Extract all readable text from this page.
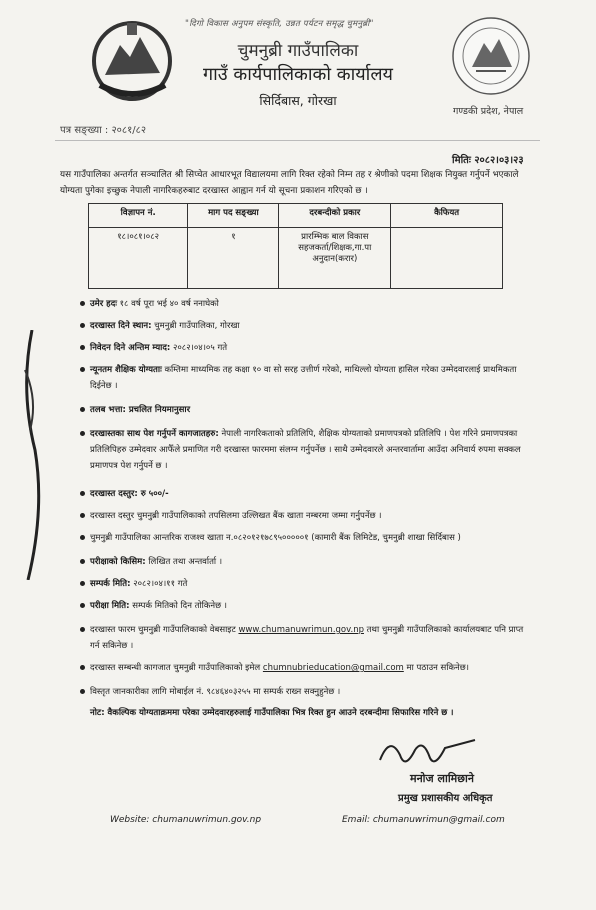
"दिगो विकास अनुपम संस्कृति, उन्नत पर्यटन समृद्ध चुमनुब्री"
चुमनुब्री गाउँपालिका
गाउँ कार्यपालिकाको कार्यालय
सिर्दिबास, गोरखा
गण्डकी प्रदेश, नेपाल
पत्र सङ्ख्या : २०८१/८२
मितिः २०८२।०३।२३
यस गाउँपालिका अन्तर्गत सञ्चालित श्री सिप्चेत आधारभूत विद्यालयमा लागि रिक्त रहेको निम्न तह र श्रेणीको पदमा शिक्षक नियुक्त गर्नुपर्ने भएकाले योग्यता पुगेका इच्छुक नेपाली नागरिकहरुबाट दरखास्त आह्वान गर्न यो सूचना प्रकाशन गरिएको छ ।
विज्ञापन नं.	माग पद सङ्ख्या	दरबन्दीको प्रकार	कैफियत
१८।०८१।०८२	१	प्रारम्भिक बाल विकास सहजकर्ता/शिक्षक,गा.पा अनुदान(करार)	
उमेर हदः १८ वर्ष पूरा भई ४० वर्ष ननाघेको
दरखास्त दिने स्थान: चुमनुब्री गाउँपालिका, गोरखा
निवेदन दिने अन्तिम म्याद: २०८२।०४।०५ गते
न्यूनतम शैक्षिक योग्यताः कम्तिमा माध्यमिक तह कक्षा १० वा सो सरह उत्तीर्ण गरेको, माथिल्लो योग्यता हासिल गरेका उम्मेदवारलाई प्राथमिकता दिईनेछ ।
तलब भत्ता: प्रचलित नियमानुसार
दरखास्तका साथ पेश गर्नुपर्ने कागजातहरु: नेपाली नागरिकताको प्रतिलिपि, शैक्षिक योग्यताको प्रमाणपत्रको प्रतिलिपि । पेश गरिने प्रमाणपत्रका प्रतिलिपिहरु उम्मेदवार आफैँले प्रमाणित गरी दरखास्त फारममा संलग्न गर्नुपर्नेछ । साथै उम्मेदवारले अन्तरवार्तामा आउँदा अनिवार्य रुपमा सक्कल प्रमाणपत्र पेश गर्नुपर्ने छ ।
दरखास्त दस्तुर: रु ५००/-
दरखास्त दस्तुर चुमनुब्री गाउँपालिकाको तपसिलमा उल्लिखत बैंक खाता नम्बरमा जम्मा गर्नुपर्नेछ ।
चुमनुब्री गाउँपालिका आन्तरिक राजश्व खाता न.०८२०१२१७८९५०००००१ (कामारी बैंक लिमिटेड, चुमनुब्री शाखा सिर्दिबास )
परीक्षाको किसिम: लिखित तथा अन्तर्वार्ता ।
सम्पर्क मिति: २०८२।०४।११ गते
परीक्षा मिति: सम्पर्क मितिको दिन तोकिनेछ ।
दरखास्त फारम चुमनुब्री गाउँपालिकाको वेबसाइट www.chumanuwrimun.gov.np तथा चुमनुब्री गाउँपालिकाको कार्यालयबाट पनि प्राप्त गर्न सकिनेछ ।
दरखास्त सम्बन्धी कागजात चुमनुब्री गाउँपालिकाको इमेल chumnubrieducation@gmail.com मा पठाउन सकिनेछ।
विस्तृत जानकारीका लागि मोबाईल नं. ९८४६४०३२५५ मा सम्पर्क राख्न सक्नुहुनेछ ।
नोट: वैकल्पिक योग्यताक्रममा परेका उम्मेदवारहरुलाई गाउँपालिका भित्र रिक्त हुन आउने दरबन्दीमा सिफारिस गरिने छ ।
मनोज लामिछाने
प्रमुख प्रशासकीय अधिकृत
Website: chumanuwrimun.gov.np	Email: chumanuwrimun@gmail.com
